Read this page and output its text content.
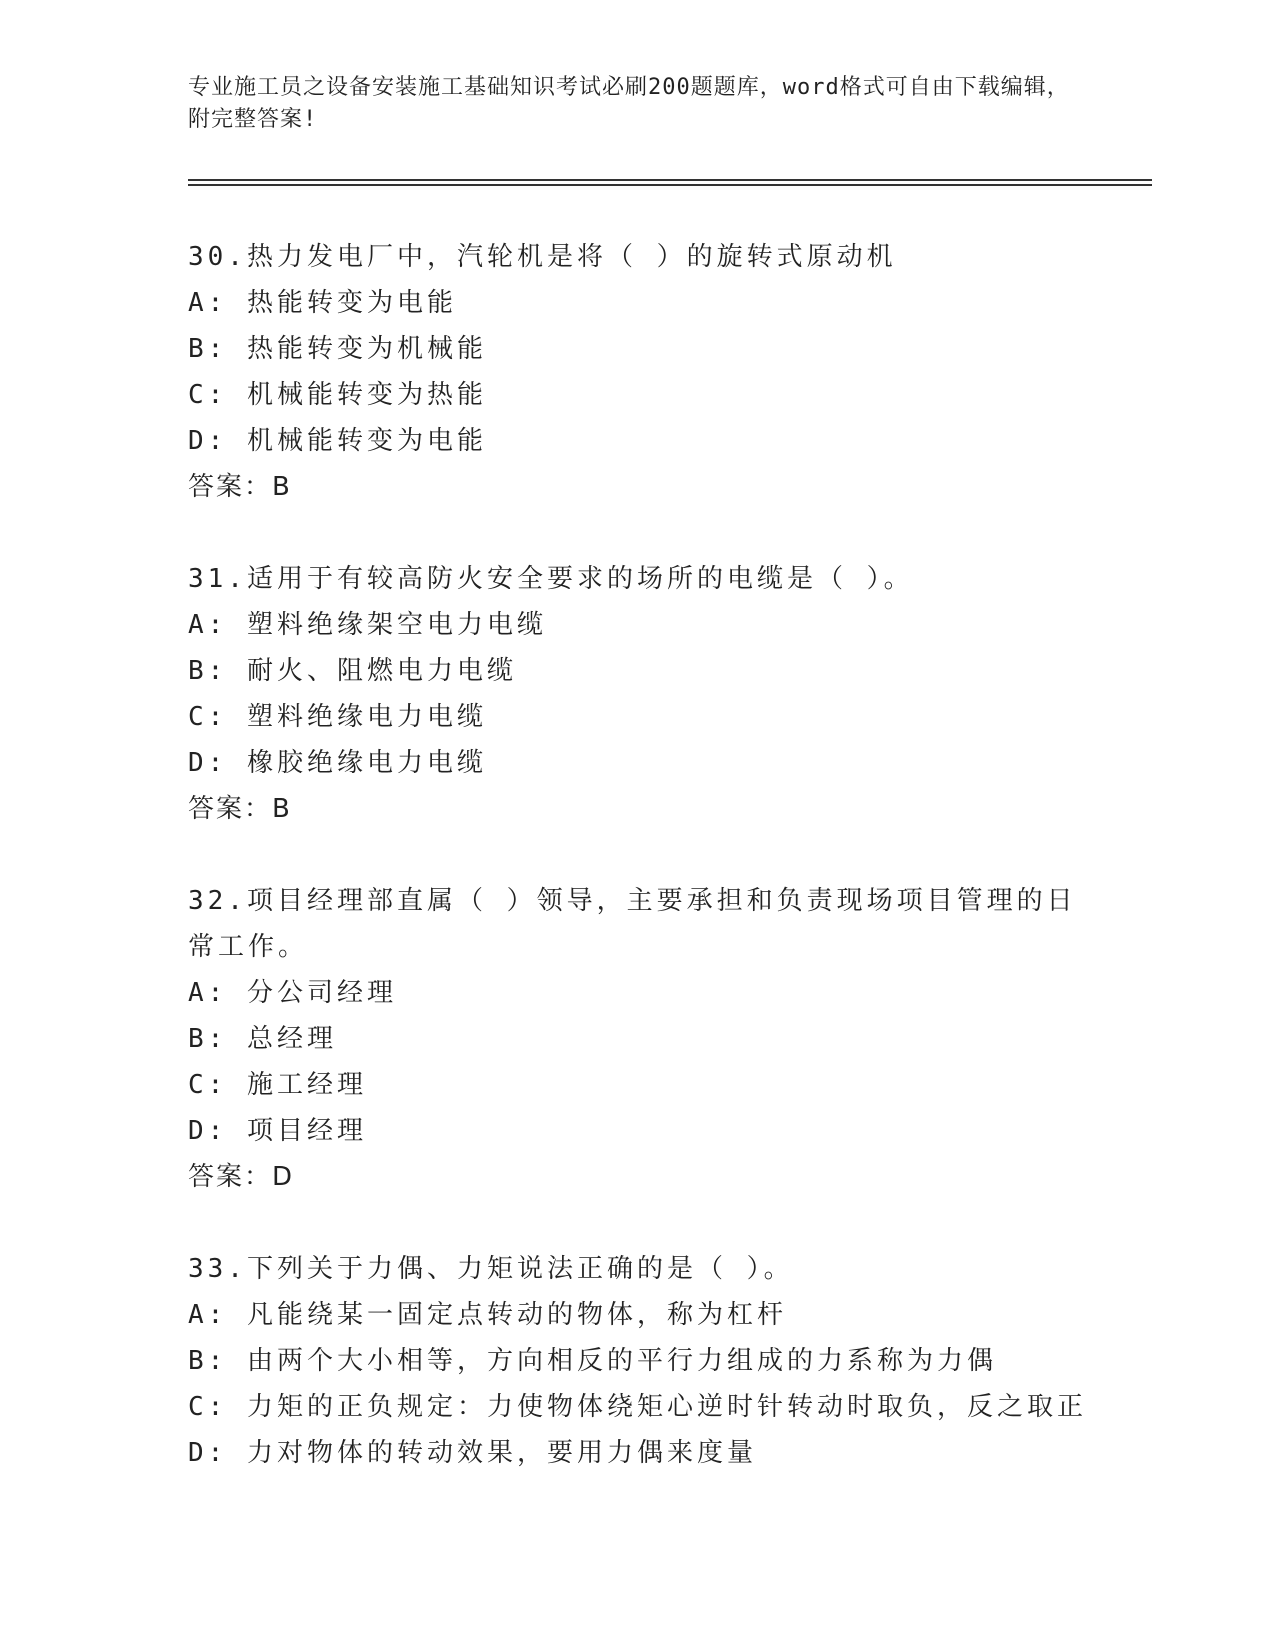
专业施工员之设备安装施工基础知识考试必刷200题题库，word格式可自由下载编辑，附完整答案!
30.热力发电厂中，汽轮机是将（ ）的旋转式原动机
A: 热能转变为电能
B: 热能转变为机械能
C: 机械能转变为热能
D: 机械能转变为电能
答案：B
31.适用于有较高防火安全要求的场所的电缆是（ ）。
A: 塑料绝缘架空电力电缆
B: 耐火、阻燃电力电缆
C: 塑料绝缘电力电缆
D: 橡胶绝缘电力电缆
答案：B
32.项目经理部直属（ ）领导，主要承担和负责现场项目管理的日常工作。
A: 分公司经理
B: 总经理
C: 施工经理
D: 项目经理
答案：D
33.下列关于力偶、力矩说法正确的是（ ）。
A: 凡能绕某一固定点转动的物体，称为杠杆
B: 由两个大小相等，方向相反的平行力组成的力系称为力偶
C: 力矩的正负规定：力使物体绕矩心逆时针转动时取负，反之取正
D: 力对物体的转动效果，要用力偶来度量
